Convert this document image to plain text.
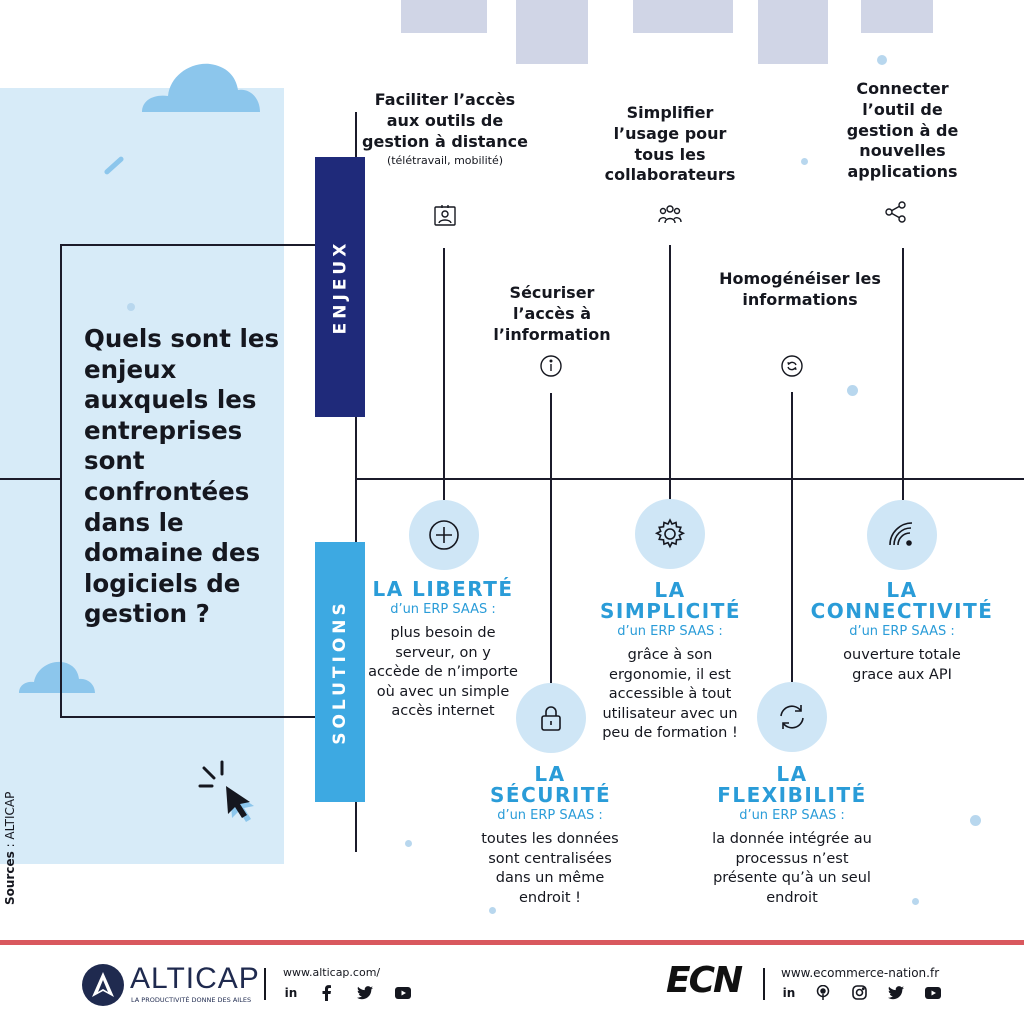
Quels sont les enjeux auxquels les entreprises sont confrontées dans le domaine des logiciels de gestion ?
ENJEUX
SOLUTIONS
Faciliter l’accès aux outils de gestion à distance
(télétravail, mobilité)
Sécuriser l’accès à l’information
Simplifier l’usage pour tous les collaborateurs
Homogénéiser les informations
Connecter l’outil de gestion à de nouvelles applications
LA LIBERTÉ
d’un ERP SAAS :
plus besoin de serveur, on y accède de n’importe où avec un simple accès internet
LA SÉCURITÉ
d’un ERP SAAS :
toutes les données sont centralisées dans un même endroit !
LA SIMPLICITÉ
d’un ERP SAAS :
grâce à son ergonomie, il est accessible à tout utilisateur avec un peu de formation !
LA FLEXIBILITÉ
d’un ERP SAAS :
la donnée intégrée au processus n’est présente qu’à un seul endroit
LA CONNECTIVITÉ
d’un ERP SAAS :
ouverture totale grace aux API
Sources : ALTICAP
ALTICAP
LA PRODUCTIVITÉ DONNE DES AILES
www.alticap.com/
in	ECN	www.ecommerce-nation.fr
in
